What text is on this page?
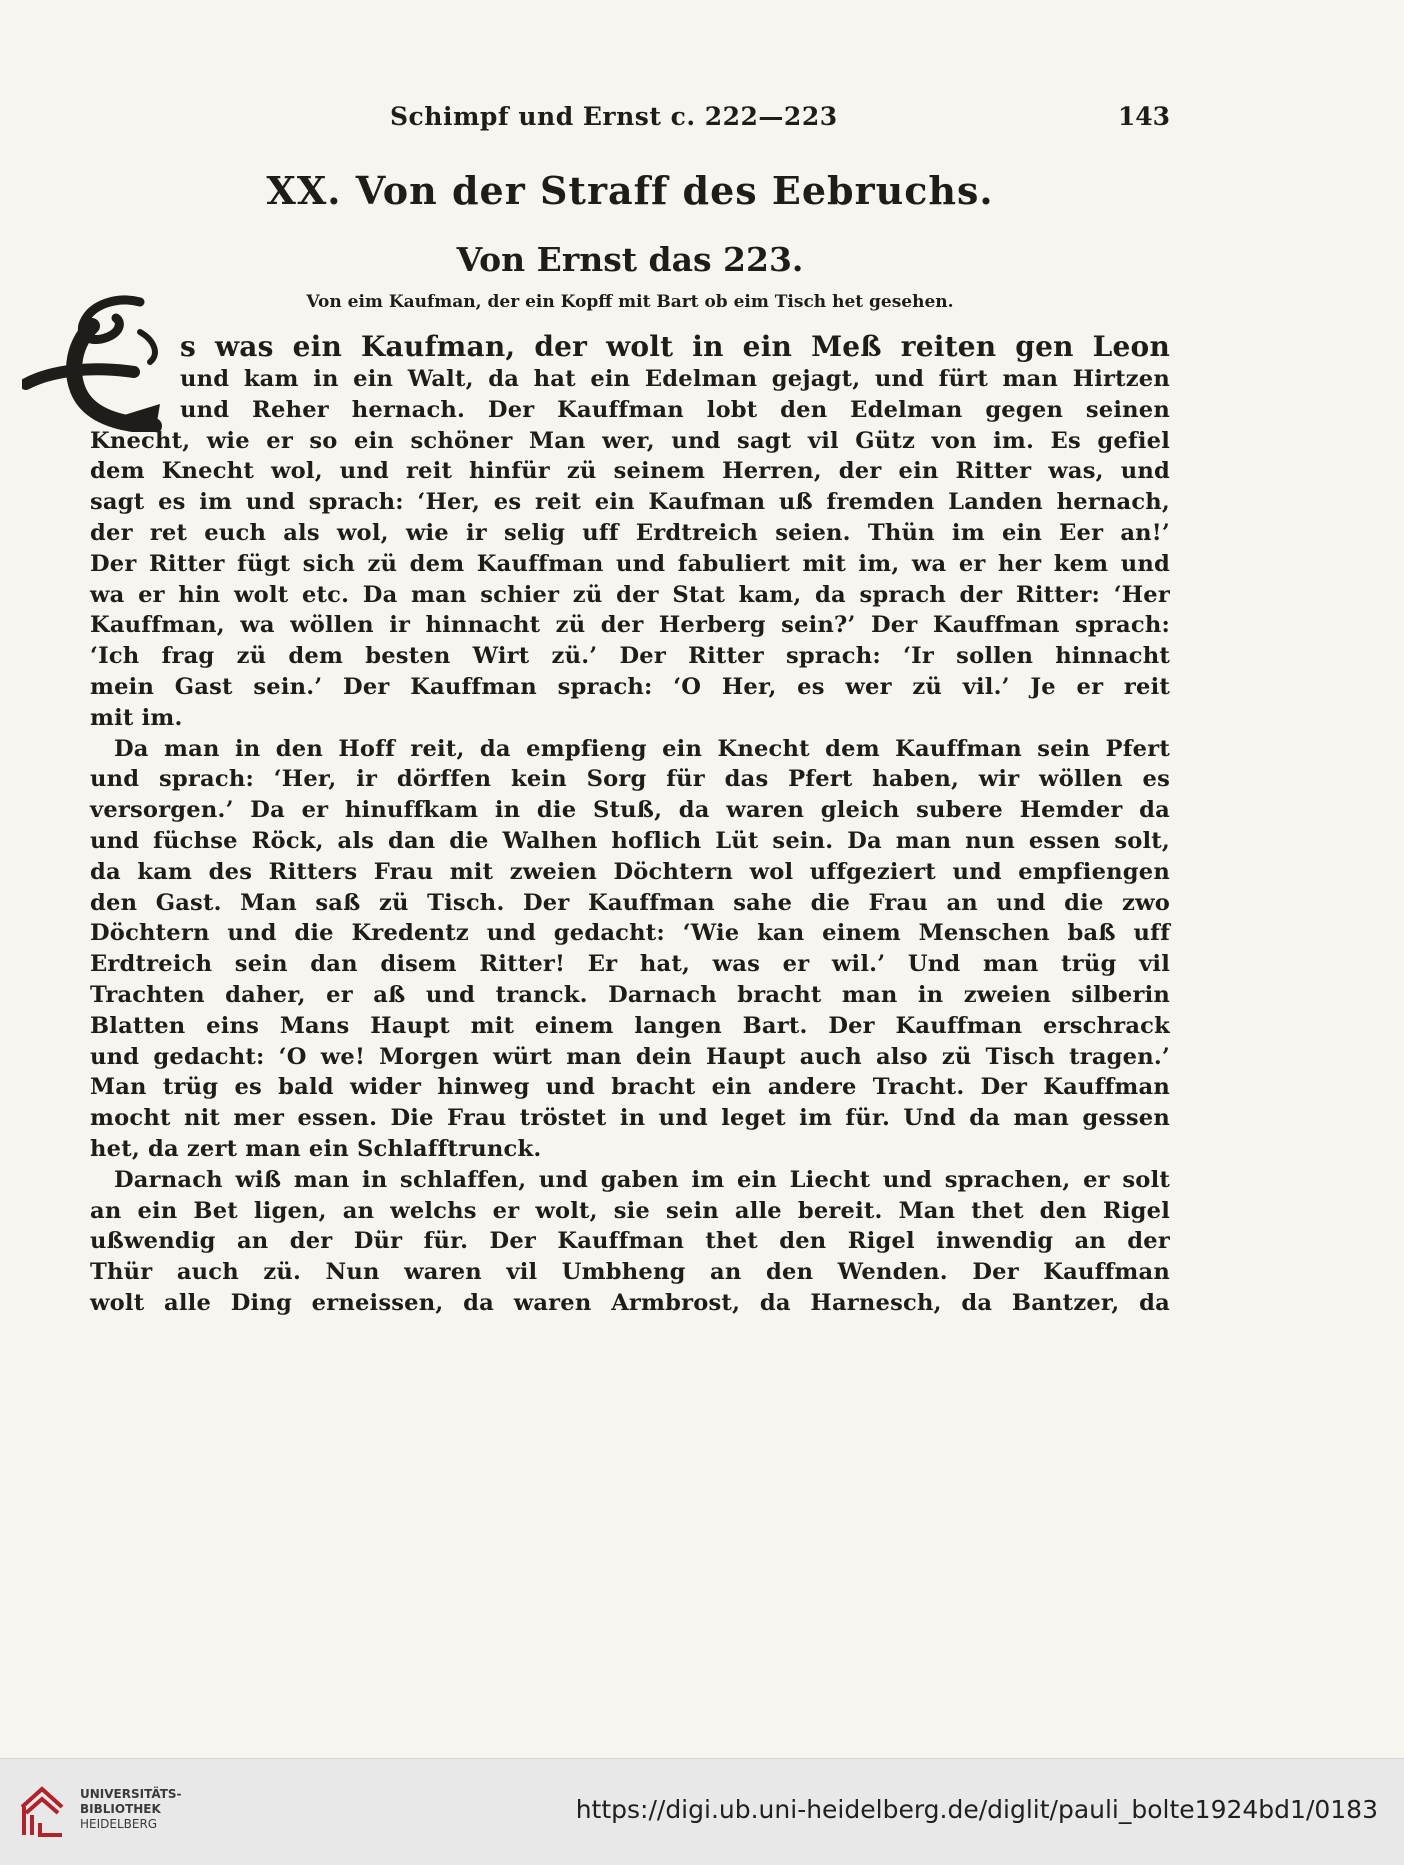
Schimpf und Ernst c. 222—223	143
XX. Von der Straff des Eebruchs.
Von Ernst das 223.
Von eim Kaufman, der ein Kopff mit Bart ob eim Tisch het gesehen.
s was ein Kaufman, der wolt in ein Meß reiten gen Leon
und kam in ein Walt, da hat ein Edelman gejagt, und fürt man Hirtzen
und Reher hernach. Der Kauffman lobt den Edelman gegen seinen
Knecht, wie er so ein schöner Man wer, und sagt vil Gütz von im. Es gefiel
dem Knecht wol, und reit hinfür zü seinem Herren, der ein Ritter was, und
sagt es im und sprach: ‘Her, es reit ein Kaufman uß fremden Landen hernach,
der ret euch als wol, wie ir selig uff Erdtreich seien. Thün im ein Eer an!’
Der Ritter fügt sich zü dem Kauffman und fabuliert mit im, wa er her kem und
wa er hin wolt etc. Da man schier zü der Stat kam, da sprach der Ritter: ‘Her
Kauffman, wa wöllen ir hinnacht zü der Herberg sein?’ Der Kauffman sprach:
‘Ich frag zü dem besten Wirt zü.’ Der Ritter sprach: ‘Ir sollen hinnacht
mein Gast sein.’ Der Kauffman sprach: ‘O Her, es wer zü vil.’ Je er reit
mit im.
Da man in den Hoff reit, da empfieng ein Knecht dem Kauffman sein Pfert
und sprach: ‘Her, ir dörffen kein Sorg für das Pfert haben, wir wöllen es
versorgen.’ Da er hinuffkam in die Stuß, da waren gleich subere Hemder da
und füchse Röck, als dan die Walhen hoflich Lüt sein. Da man nun essen solt,
da kam des Ritters Frau mit zweien Döchtern wol uffgeziert und empfiengen
den Gast. Man saß zü Tisch. Der Kauffman sahe die Frau an und die zwo
Döchtern und die Kredentz und gedacht: ‘Wie kan einem Menschen baß uff
Erdtreich sein dan disem Ritter! Er hat, was er wil.’ Und man trüg vil
Trachten daher, er aß und tranck. Darnach bracht man in zweien silberin
Blatten eins Mans Haupt mit einem langen Bart. Der Kauffman erschrack
und gedacht: ‘O we! Morgen würt man dein Haupt auch also zü Tisch tragen.’
Man trüg es bald wider hinweg und bracht ein andere Tracht. Der Kauffman
mocht nit mer essen. Die Frau tröstet in und leget im für. Und da man gessen
het, da zert man ein Schlafftrunck.
Darnach wiß man in schlaffen, und gaben im ein Liecht und sprachen, er solt
an ein Bet ligen, an welchs er wolt, sie sein alle bereit. Man thet den Rigel
ußwendig an der Dür für. Der Kauffman thet den Rigel inwendig an der
Thür auch zü. Nun waren vil Umbheng an den Wenden. Der Kauffman
wolt alle Ding erneissen, da waren Armbrost, da Harnesch, da Bantzer, da
UNIVERSITÄTS-
BIBLIOTHEK
HEIDELBERG	https://digi.ub.uni-heidelberg.de/diglit/pauli_bolte1924bd1/0183
